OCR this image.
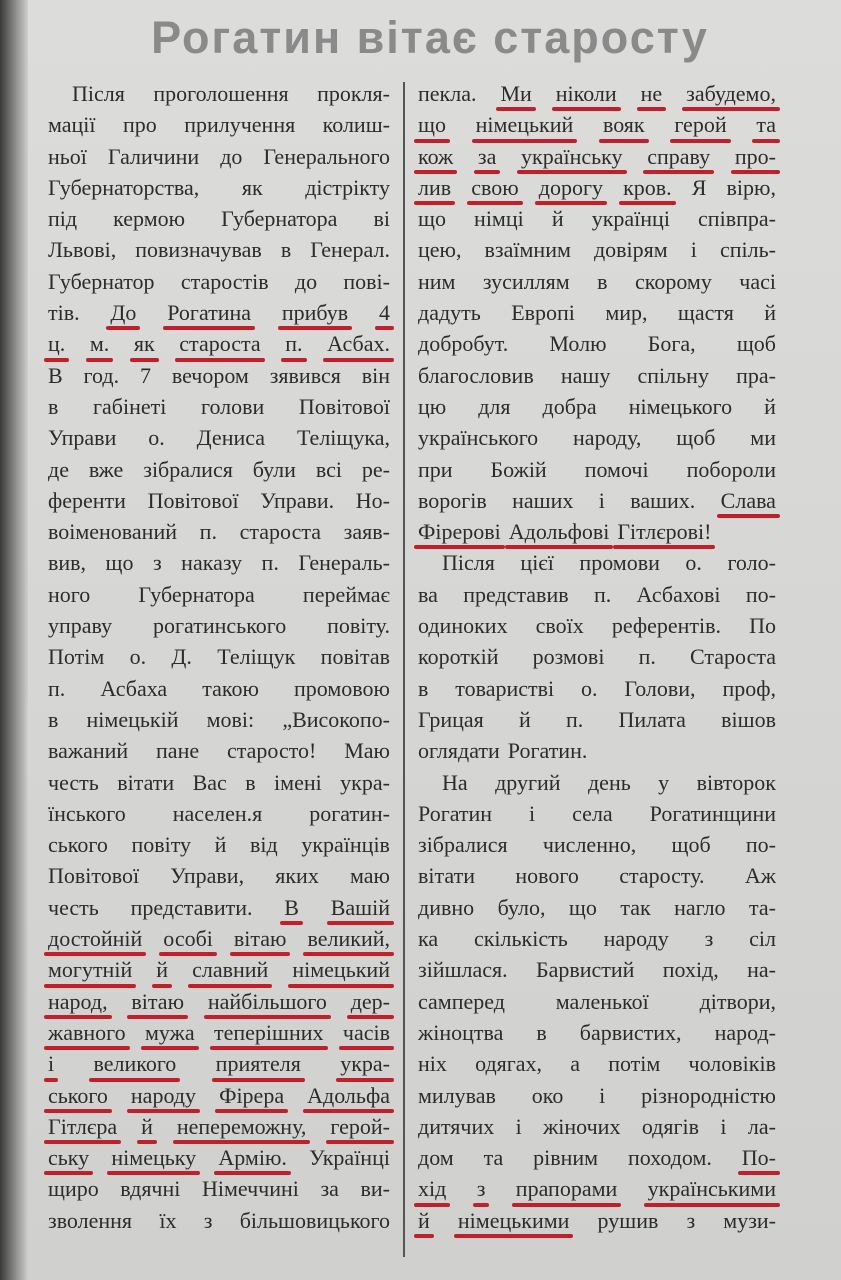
Рогатин вітає старосту
Після проголошення прокля-
мації про прилучення колиш-
ньої Галичини до Генерального
Губернаторства, як дістрікту
під кермою Губернатора ві
Львові, повизначував в Генерал.
Губернатор старостів до пові-
тів. До Рогатина прибув 4
ц. м. як староста п. Асбах.
В год. 7 вечором зявився він
в габінеті голови Повітової
Управи о. Дениса Теліщука,
де вже зібралися були всі ре-
ференти Повітової Управи. Но-
воіменований п. староста заяв-
вив, що з наказу п. Генераль-
ного Губернатора переймає
управу рогатинського повіту.
Потім о. Д. Теліщук повітав
п. Асбаха такою промовою
в німецькій мові: „Високопо-
важаний пане старосто! Маю
честь вітати Вас в імені укра-
їнського населен.я рогатин-
ського повіту й від українців
Повітової Управи, яких маю
честь представити. В Вашій
достойній особі вітаю великий,
могутній й славний німецький
народ, вітаю найбільшого дер-
жавного мужа теперішних часів
і великого приятеля укра-
ського народу Фірера Адольфа
Гітлєра й непереможну, герой-
ську німецьку Армію. Українці
щиро вдячні Німеччині за ви-
зволення їх з більшовицького
пекла. Ми ніколи не забудемо,
що німецький вояк герой та
кож за українську справу про-
лив свою дорогу кров. Я вірю,
що німці й українці співпра-
цею, взаїмним довірям і спіль-
ним зусиллям в скорому часі
дадуть Европі мир, щастя й
добробут. Молю Бога, щоб
благословив нашу спільну пра-
цю для добра німецького й
українського народу, щоб ми
при Божій помочі побороли
ворогів наших і ваших. Слава
Фірерові Адольфові Гітлєрові!
Після цієї промови о. голо-
ва представив п. Асбахові по-
одиноких своїх референтів. По
короткій розмові п. Староста
в товаристві о. Голови, проф,
Грицая й п. Пилата вішов
оглядати Рогатин.
На другий день у вівторок
Рогатин і села Рогатинщини
зібралися численно, щоб по-
вітати нового старосту. Аж
дивно було, що так нагло та-
ка скількість народу з сіл
зійшлася. Барвистий похід, на-
самперед маленької дітвори,
жіноцтва в барвистих, народ-
ніх одягах, а потім чоловіків
милував око і різнородністю
дитячих і жіночих одягів і ла-
дом та рівним походом. По-
хід з прапорами українськими
й німецькими рушив з музи-
